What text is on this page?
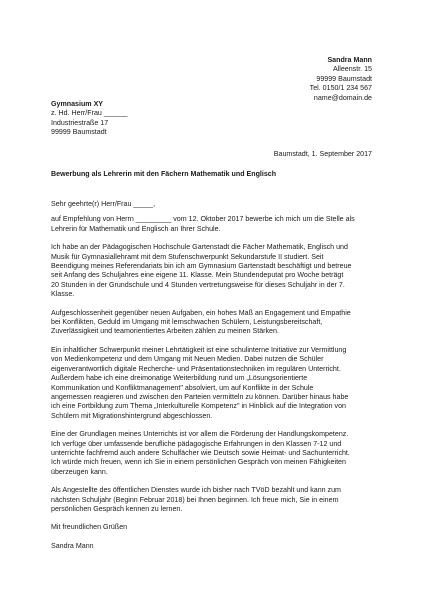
Sandra Mann
Alleenstr. 15
99999 Baumstadt
Tel. 0150/1 234 567
name@domain.de
Gymnasium XY
z. Hd. Herr/Frau ______
Industriestraße 17
99999 Baumstadt
Baumstadt, 1. September 2017
Bewerbung als Lehrerin mit den Fächern Mathematik und Englisch
Sehr geehrte(r) Herr/Frau _____,
auf Empfehlung von Herrn _________ vom 12. Oktober 2017 bewerbe ich mich um die Stelle als
Lehrerin für Mathematik und Englisch an Ihrer Schule.
Ich habe an der Pädagogischen Hochschule Gartenstadt die Fächer Mathematik, Englisch und
Musik für Gymnasiallehramt mit dem Stufenschwerpunkt Sekundarstufe II studiert. Seit
Beendigung meines Referendariats bin ich am Gymnasium Gartenstadt beschäftigt und betreue
seit Anfang des Schuljahres eine eigene 11. Klasse. Mein Stundendeputat pro Woche beträgt
20 Stunden in der Grundschule und 4 Stunden vertretungsweise für dieses Schuljahr in der 7.
Klasse.
Aufgeschlossenheit gegenüber neuen Aufgaben, ein hohes Maß an Engagement und Empathie
bei Konflikten, Geduld im Umgang mit lernschwachen Schülern, Leistungsbereitschaft,
Zuverlässigkeit und teamorientiertes Arbeiten zählen zu meinen Stärken.
Ein inhaltlicher Schwerpunkt meiner Lehrtätigkeit ist eine schulinterne Initiative zur Vermittlung
von Medienkompetenz und dem Umgang mit Neuen Medien. Dabei nutzen die Schüler
eigenverantwortlich digitale Recherche- und Präsentationstechniken im regulären Unterricht.
Außerdem habe ich eine dreimonatige Weiterbildung rund um „Lösungsorientierte
Kommunikation und Konfliktmanagement" absolviert, um auf Konflikte in der Schule
angemessen reagieren und zwischen den Parteien vermitteln zu können. Darüber hinaus habe
ich eine Fortbildung zum Thema „Interkulturelle Kompetenz" in Hinblick auf die Integration von
Schülern mit Migrationshintergrund abgeschlossen.
Eine der Grundlagen meines Unterrichts ist vor allem die Förderung der Handlungskompetenz.
Ich verfüge über umfassende berufliche pädagogische Erfahrungen in den Klassen 7-12 und
unterrichte fachfremd auch andere Schulfächer wie Deutsch sowie Heimat- und Sachunterricht.
Ich würde mich freuen, wenn ich Sie in einem persönlichen Gespräch von meinen Fähigkeiten
überzeugen kann.
Als Angestellte des öffentlichen Dienstes wurde ich bisher nach TVöD bezahlt und kann zum
nächsten Schuljahr (Beginn Februar 2018) bei Ihnen beginnen. Ich freue mich, Sie in einem
persönlichen Gespräch kennen zu lernen.
Mit freundlichen Grüßen
Sandra Mann
